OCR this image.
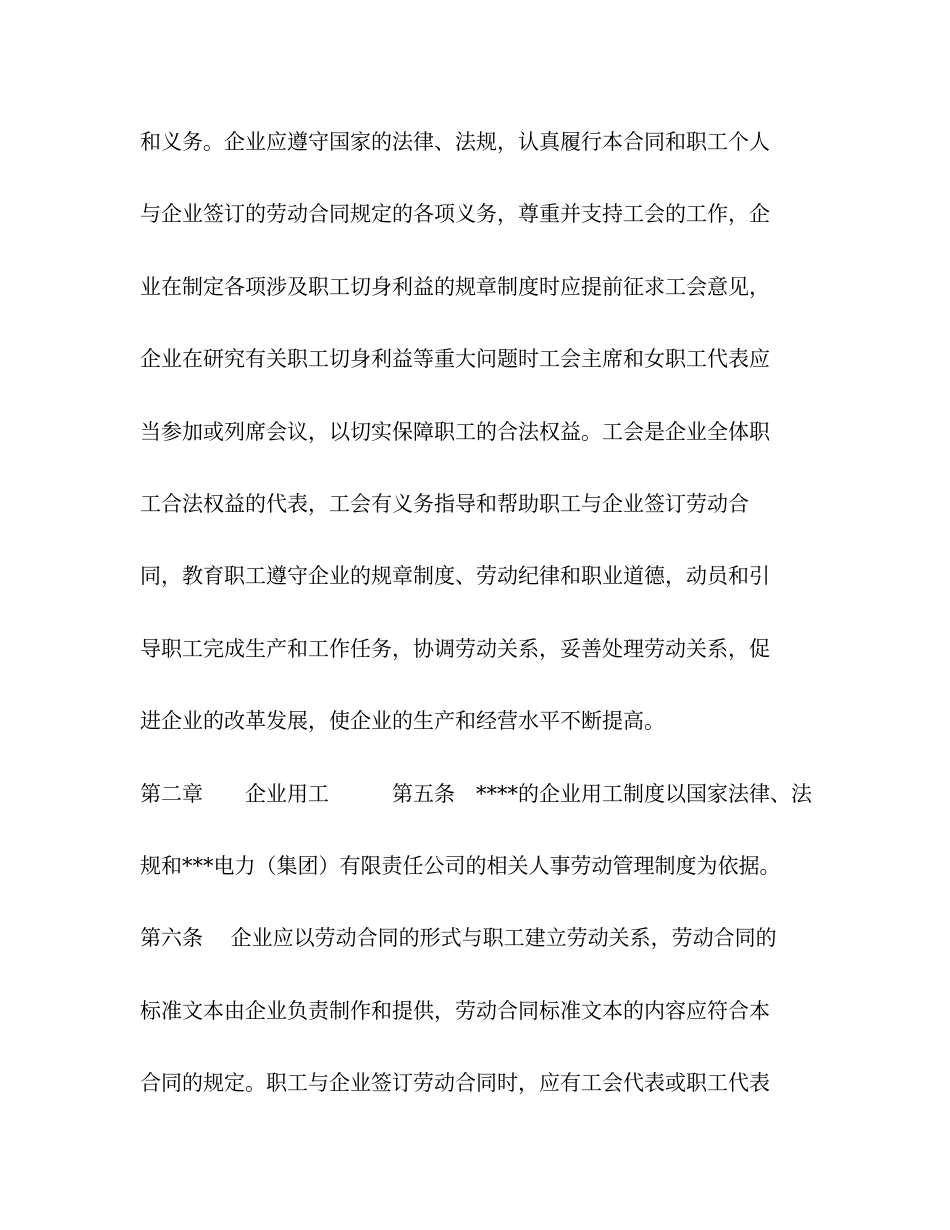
和义务。企业应遵守国家的法律、法规，认真履行本合同和职工个人
与企业签订的劳动合同规定的各项义务，尊重并支持工会的工作，企
业在制定各项涉及职工切身利益的规章制度时应提前征求工会意见，
企业在研究有关职工切身利益等重大问题时工会主席和女职工代表应
当参加或列席会议，以切实保障职工的合法权益。工会是企业全体职
工合法权益的代表，工会有义务指导和帮助职工与企业签订劳动合
同，教育职工遵守企业的规章制度、劳动纪律和职业道德，动员和引
导职工完成生产和工作任务，协调劳动关系，妥善处理劳动关系，促
进企业的改革发展，使企业的生产和经营水平不断提高。
第二章　　企业用工　　　第五条　****的企业用工制度以国家法律、法
规和***电力（集团）有限责任公司的相关人事劳动管理制度为依据。
第六条　 企业应以劳动合同的形式与职工建立劳动关系，劳动合同的
标准文本由企业负责制作和提供，劳动合同标准文本的内容应符合本
合同的规定。职工与企业签订劳动合同时，应有工会代表或职工代表
